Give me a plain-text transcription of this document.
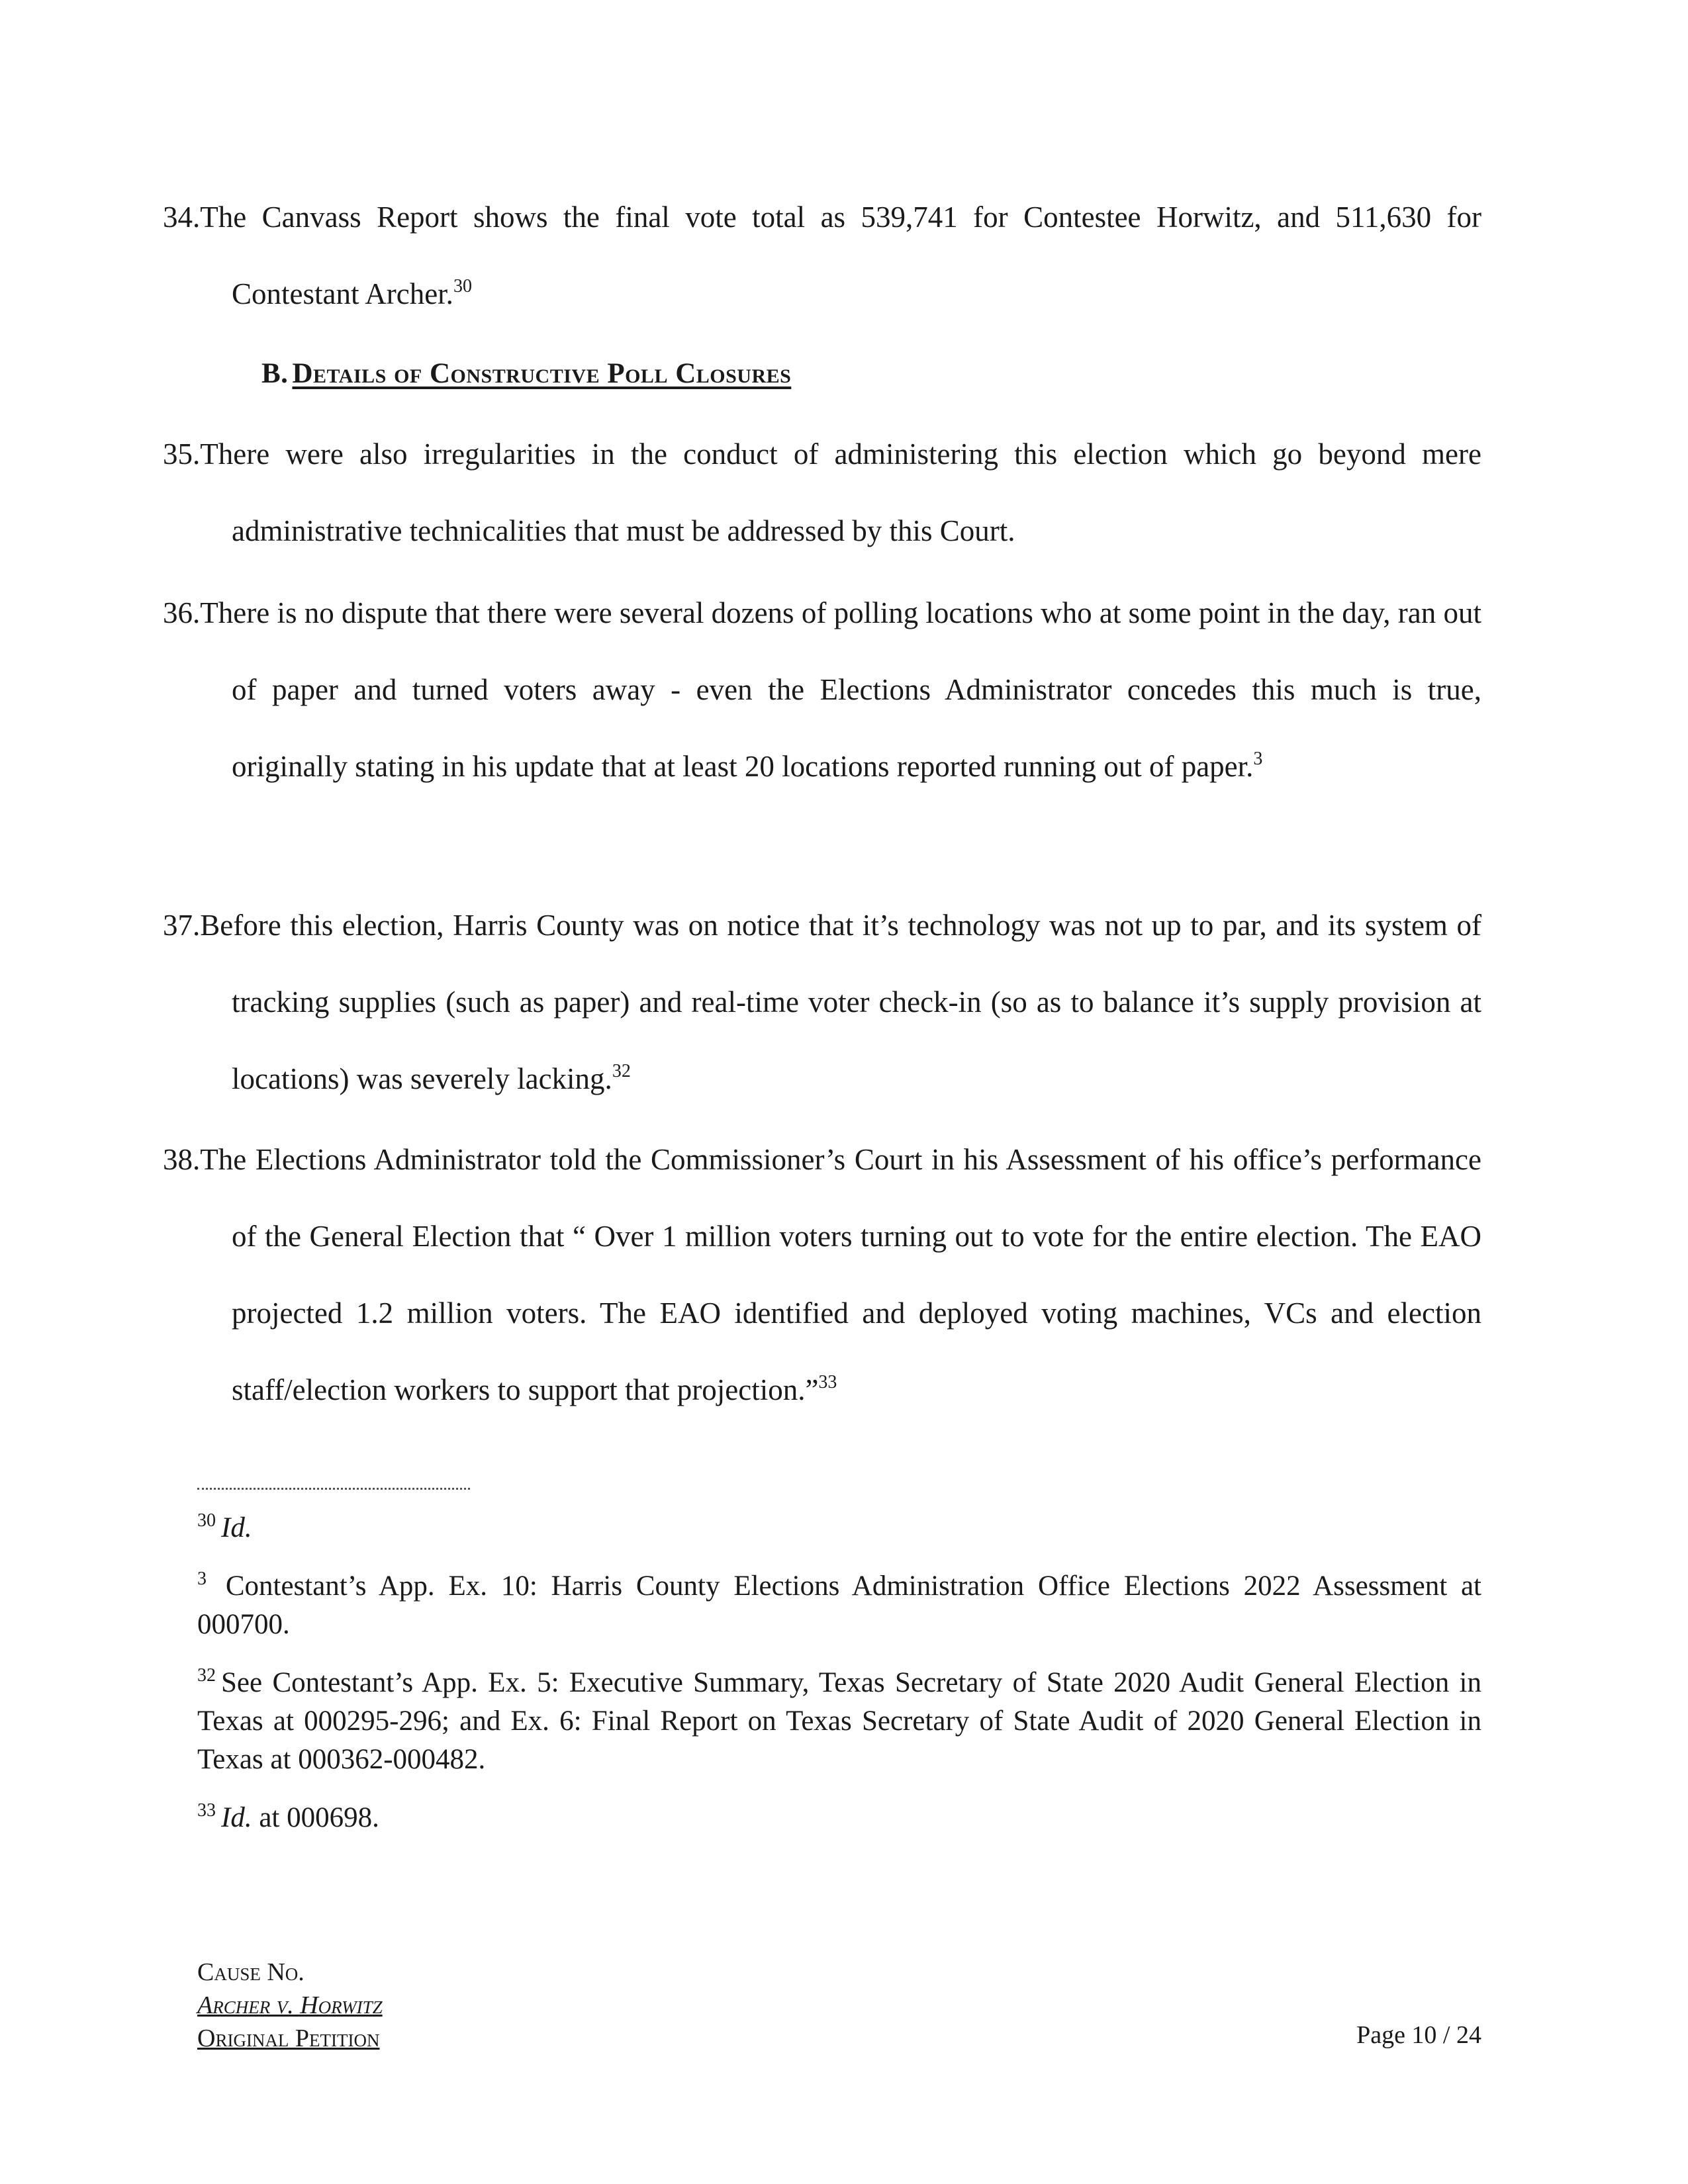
34.The Canvass Report shows the final vote total as 539,741 for Contestee Horwitz, and 511,630 for Contestant Archer.$^{30}$
B. Details of Constructive Poll Closures
35.There were also irregularities in the conduct of administering this election which go beyond mere administrative technicalities that must be addressed by this Court.
36.There is no dispute that there were several dozens of polling locations who at some point in the day, ran out of paper and turned voters away - even the Elections Administrator concedes this much is true, originally stating in his update that at least 20 locations reported running out of paper.$^3$
37.Before this election, Harris County was on notice that it’s technology was not up to par, and its system of tracking supplies (such as paper) and real-time voter check-in (so as to balance it’s supply provision at locations) was severely lacking.$^{32}$
38.The Elections Administrator told the Commissioner’s Court in his Assessment of his office’s performance of the General Election that “ Over 1 million voters turning out to vote for the entire election. The EAO projected 1.2 million voters. The EAO identified and deployed voting machines, VCs and election staff/election workers to support that projection.”$^{33}$

$^{30}$ Id.

$^3$ Contestant’s App. Ex. 10: Harris County Elections Administration Office Elections 2022 Assessment at 000700.

$^{32}$ See Contestant’s App. Ex. 5: Executive Summary, Texas Secretary of State 2020 Audit General Election in Texas at 000295-296; and Ex. 6: Final Report on Texas Secretary of State Audit of 2020 General Election in Texas at 000362-000482.

$^{33}$ Id. at 000698.

Cause No.
Archer v. Horwitz
Original Petition	Page 10 / 24
